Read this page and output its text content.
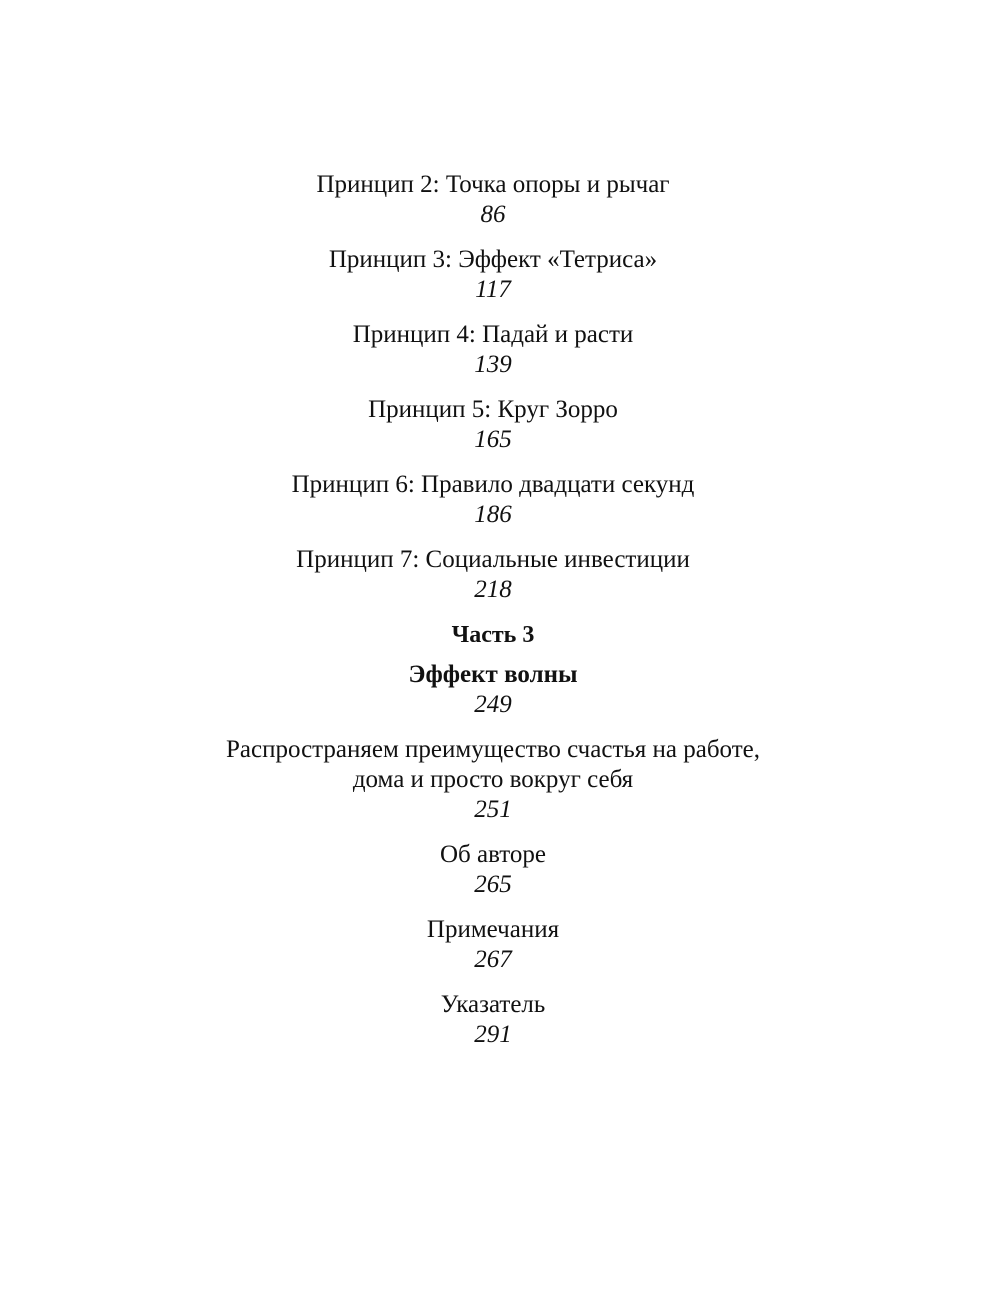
Принцип 2: Точка опоры и рычаг
86
Принцип 3: Эффект «Тетриса»
117
Принцип 4: Падай и расти
139
Принцип 5: Круг Зорро
165
Принцип 6: Правило двадцати секунд
186
Принцип 7: Социальные инвестиции
218
Часть 3
Эффект волны
249
Распространяем преимущество счастья на работе,
дома и просто вокруг себя
251
Об авторе
265
Примечания
267
Указатель
291
